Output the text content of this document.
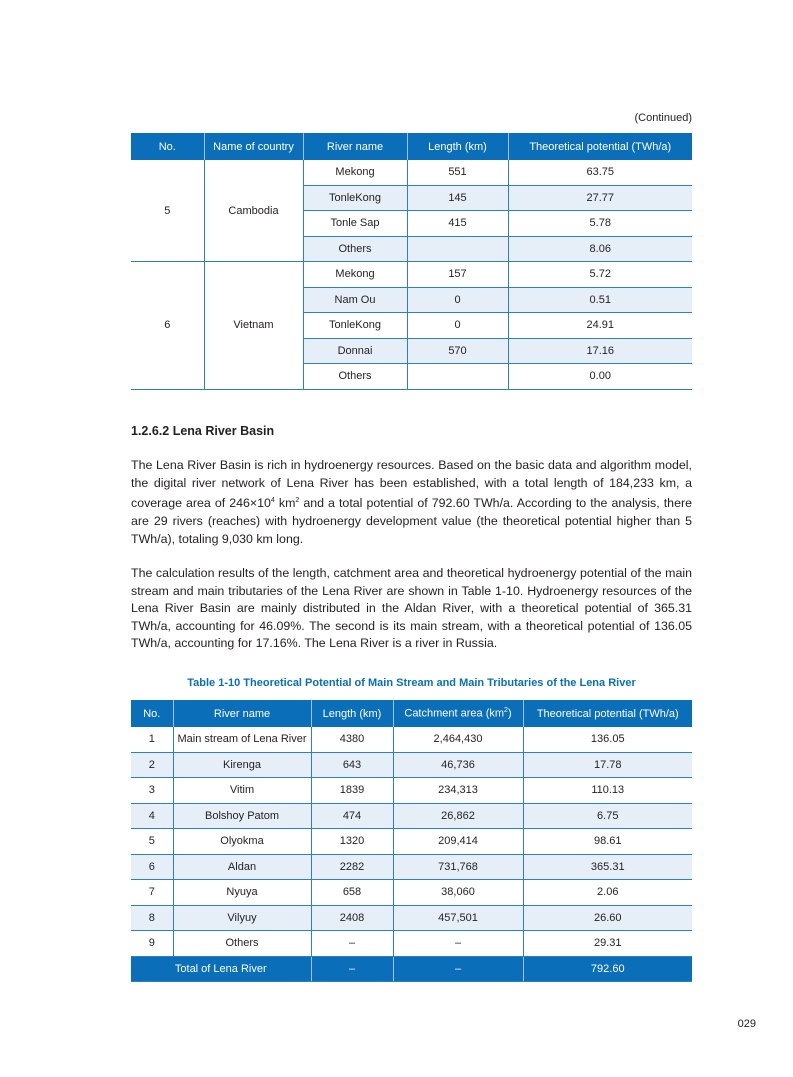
(Continued)
No.	Name of country	River name	Length (km)	Theoretical potential (TWh/a)
5	Cambodia	Mekong	551	63.75
		TonleKong	145	27.77
		Tonle Sap	415	5.78
		Others		8.06
6	Vietnam	Mekong	157	5.72
		Nam Ou	0	0.51
		TonleKong	0	24.91
		Donnai	570	17.16
		Others		0.00
1.2.6.2 Lena River Basin

The Lena River Basin is rich in hydroenergy resources. Based on the basic data and algorithm model, the digital river network of Lena River has been established, with a total length of 184,233 km, a coverage area of $246\times 10^4$ $km^2$ and a total potential of 792.60 TWh/a. According to the analysis, there are 29 rivers (reaches) with hydroenergy development value (the theoretical potential higher than 5 TWh/a), totaling 9,030 km long.

The calculation results of the length, catchment area and theoretical hydroenergy potential of the main stream and main tributaries of the Lena River are shown in Table 1-10. Hydroenergy resources of the Lena River Basin are mainly distributed in the Aldan River, with a theoretical potential of 365.31 TWh/a, accounting for 46.09%. The second is its main stream, with a theoretical potential of 136.05 TWh/a, accounting for 17.16%. The Lena River is a river in Russia.

Table 1-10 Theoretical Potential of Main Stream and Main Tributaries of the Lena River
No.	River name	Length (km)	Catchment area $(km^2)$	Theoretical potential (TWh/a)
1	Main stream of Lena River	4380	2,464,430	136.05
2	Kirenga	643	46,736	17.78
3	Vitim	1839	234,313	110.13
4	Bolshoy Patom	474	26,862	6.75
5	Olyokma	1320	209,414	98.61
6	Aldan	2282	731,768	365.31
7	Nyuya	658	38,060	2.06
8	Vilyuy	2408	457,501	26.60
9	Others	–	–	29.31
Total of Lena River		–	–	792.60
029
